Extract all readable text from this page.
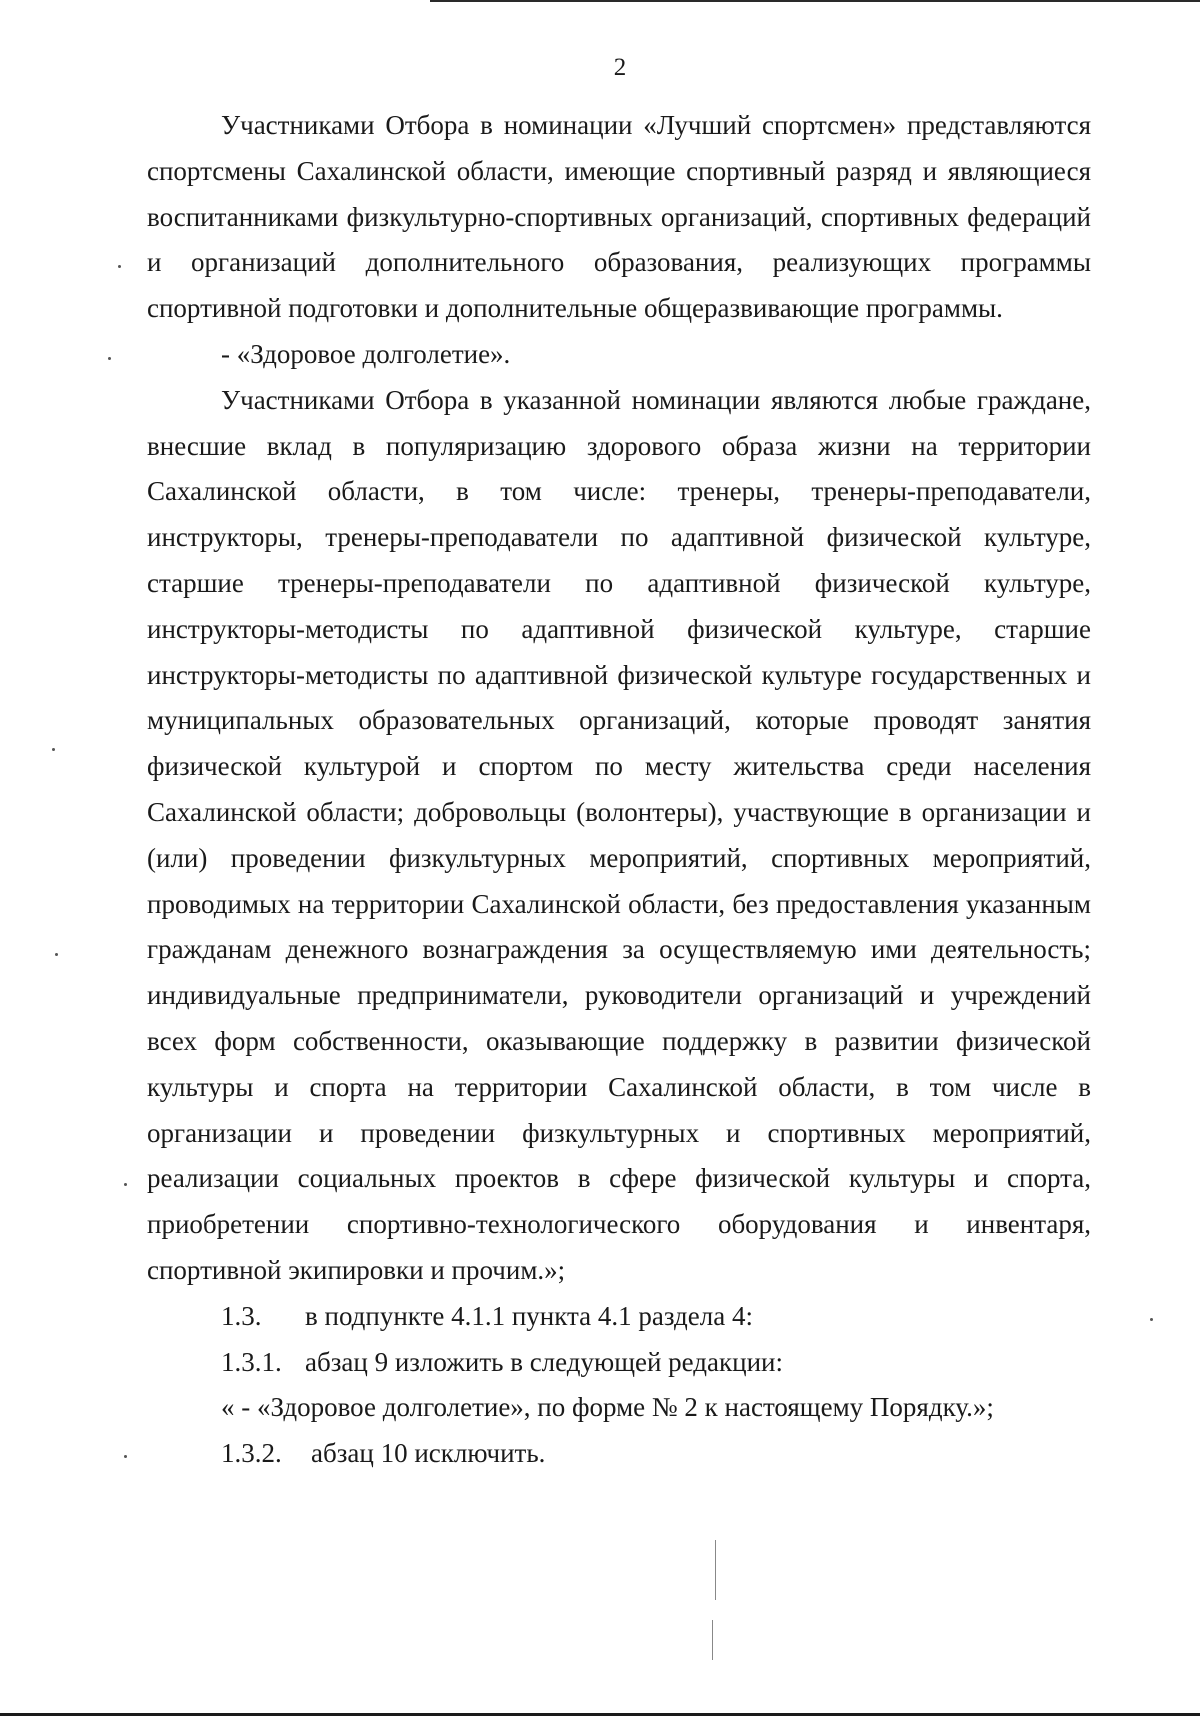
2

Участниками Отбора в номинации «Лучший спортсмен» представляются спортсмены Сахалинской области, имеющие спортивный разряд и являющиеся воспитанниками физкультурно-спортивных организаций, спортивных федераций и организаций дополнительного образования, реализующих программы спортивной подготовки и дополнительные общеразвивающие программы.

- «Здоровое долголетие».

Участниками Отбора в указанной номинации являются любые граждане, внесшие вклад в популяризацию здорового образа жизни на территории Сахалинской области, в том числе: тренеры, тренеры-преподаватели, инструкторы, тренеры-преподаватели по адаптивной физической культуре, старшие тренеры-преподаватели по адаптивной физической культуре, инструкторы-методисты по адаптивной физической культуре, старшие инструкторы-методисты по адаптивной физической культуре государственных и муниципальных образовательных организаций, которые проводят занятия физической культурой и спортом по месту жительства среди населения Сахалинской области; добровольцы (волонтеры), участвующие в организации и (или) проведении физкультурных мероприятий, спортивных мероприятий, проводимых на территории Сахалинской области, без предоставления указанным гражданам денежного вознаграждения за осуществляемую ими деятельность; индивидуальные предприниматели, руководители организаций и учреждений всех форм собственности, оказывающие поддержку в развитии физической культуры и спорта на территории Сахалинской области, в том числе в организации и проведении физкультурных и спортивных мероприятий, реализации социальных проектов в сфере физической культуры и спорта, приобретении спортивно-технологического оборудования и инвентаря, спортивной экипировки и прочим.»;

1.3. в подпункте 4.1.1 пункта 4.1 раздела 4:

1.3.1. абзац 9 изложить в следующей редакции:

« - «Здоровое долголетие», по форме № 2 к настоящему Порядку.»;

1.3.2. абзац 10 исключить.
